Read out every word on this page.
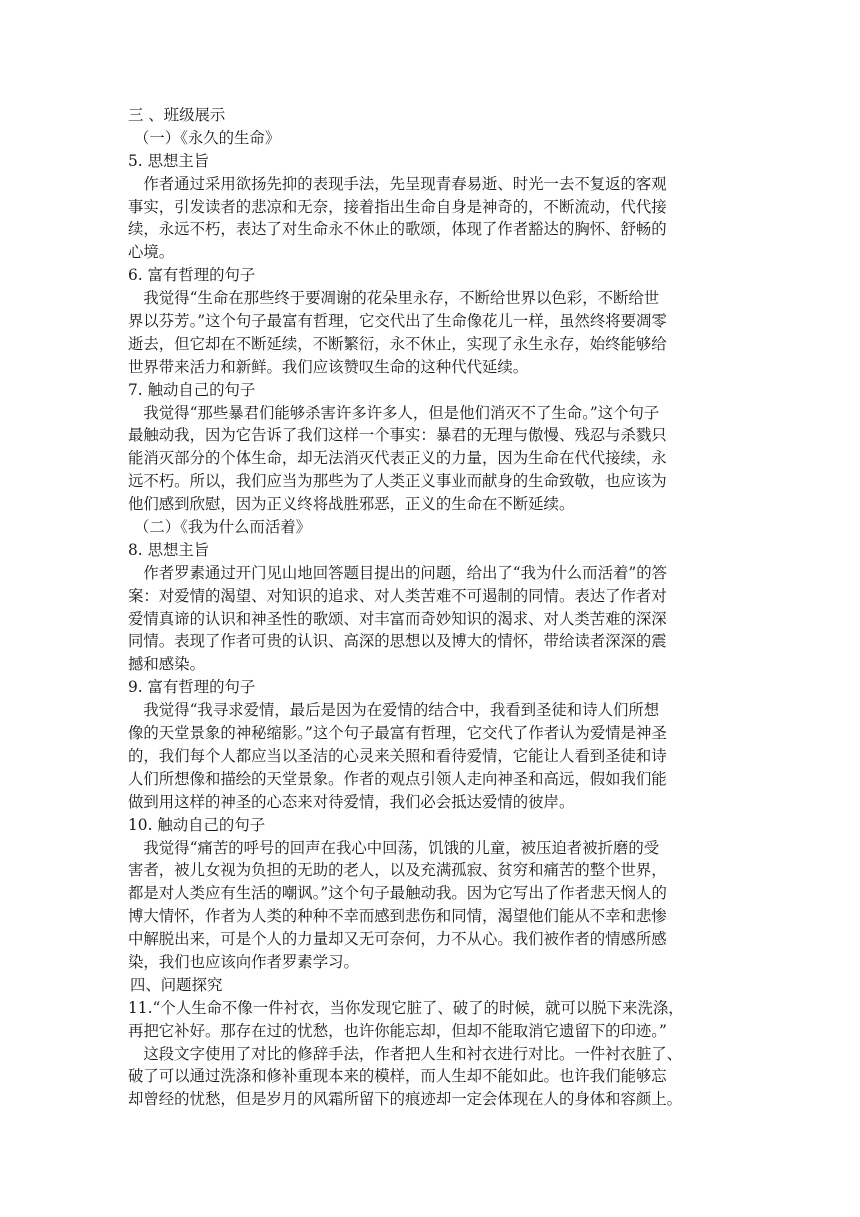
三 、班级展示
（一）《永久的生命》
5. 思想主旨
　作者通过采用欲扬先抑的表现手法，先呈现青春易逝、时光一去不复返的客观
事实，引发读者的悲凉和无奈，接着指出生命自身是神奇的，不断流动，代代接
续，永远不朽，表达了对生命永不休止的歌颂，体现了作者豁达的胸怀、舒畅的
心境。
6. 富有哲理的句子
　我觉得“生命在那些终于要凋谢的花朵里永存，不断给世界以色彩，不断给世
界以芬芳。”这个句子最富有哲理，它交代出了生命像花儿一样，虽然终将要凋零
逝去，但它却在不断延续，不断繁衍，永不休止，实现了永生永存，始终能够给
世界带来活力和新鲜。我们应该赞叹生命的这种代代延续。
7. 触动自己的句子
　我觉得“那些暴君们能够杀害许多许多人，但是他们消灭不了生命。”这个句子
最触动我，因为它告诉了我们这样一个事实：暴君的无理与傲慢、残忍与杀戮只
能消灭部分的个体生命，却无法消灭代表正义的力量，因为生命在代代接续，永
远不朽。所以，我们应当为那些为了人类正义事业而献身的生命致敬，也应该为
他们感到欣慰，因为正义终将战胜邪恶，正义的生命在不断延续。
（二）《我为什么而活着》
8. 思想主旨
　作者罗素通过开门见山地回答题目提出的问题，给出了“我为什么而活着”的答
案：对爱情的渴望、对知识的追求、对人类苦难不可遏制的同情。表达了作者对
爱情真谛的认识和神圣性的歌颂、对丰富而奇妙知识的渴求、对人类苦难的深深
同情。表现了作者可贵的认识、高深的思想以及博大的情怀，带给读者深深的震
撼和感染。
9. 富有哲理的句子
　我觉得“我寻求爱情，最后是因为在爱情的结合中，我看到圣徒和诗人们所想
像的天堂景象的神秘缩影。”这个句子最富有哲理，它交代了作者认为爱情是神圣
的，我们每个人都应当以圣洁的心灵来关照和看待爱情，它能让人看到圣徒和诗
人们所想像和描绘的天堂景象。作者的观点引领人走向神圣和高远，假如我们能
做到用这样的神圣的心态来对待爱情，我们必会抵达爱情的彼岸。
10. 触动自己的句子
　我觉得“痛苦的呼号的回声在我心中回荡，饥饿的儿童，被压迫者被折磨的受
害者，被儿女视为负担的无助的老人，以及充满孤寂、贫穷和痛苦的整个世界，
都是对人类应有生活的嘲讽。”这个句子最触动我。因为它写出了作者悲天悯人的
博大情怀，作者为人类的种种不幸而感到悲伤和同情，渴望他们能从不幸和悲惨
中解脱出来，可是个人的力量却又无可奈何，力不从心。我们被作者的情感所感
染，我们也应该向作者罗素学习。
四、问题探究
11.“个人生命不像一件衬衣，当你发现它脏了、破了的时候，就可以脱下来洗涤，
再把它补好。那存在过的忧愁，也许你能忘却，但却不能取消它遗留下的印迹。”
　这段文字使用了对比的修辞手法，作者把人生和衬衣进行对比。一件衬衣脏了、
破了可以通过洗涤和修补重现本来的模样，而人生却不能如此。也许我们能够忘
却曾经的忧愁，但是岁月的风霜所留下的痕迹却一定会体现在人的身体和容颜上。
